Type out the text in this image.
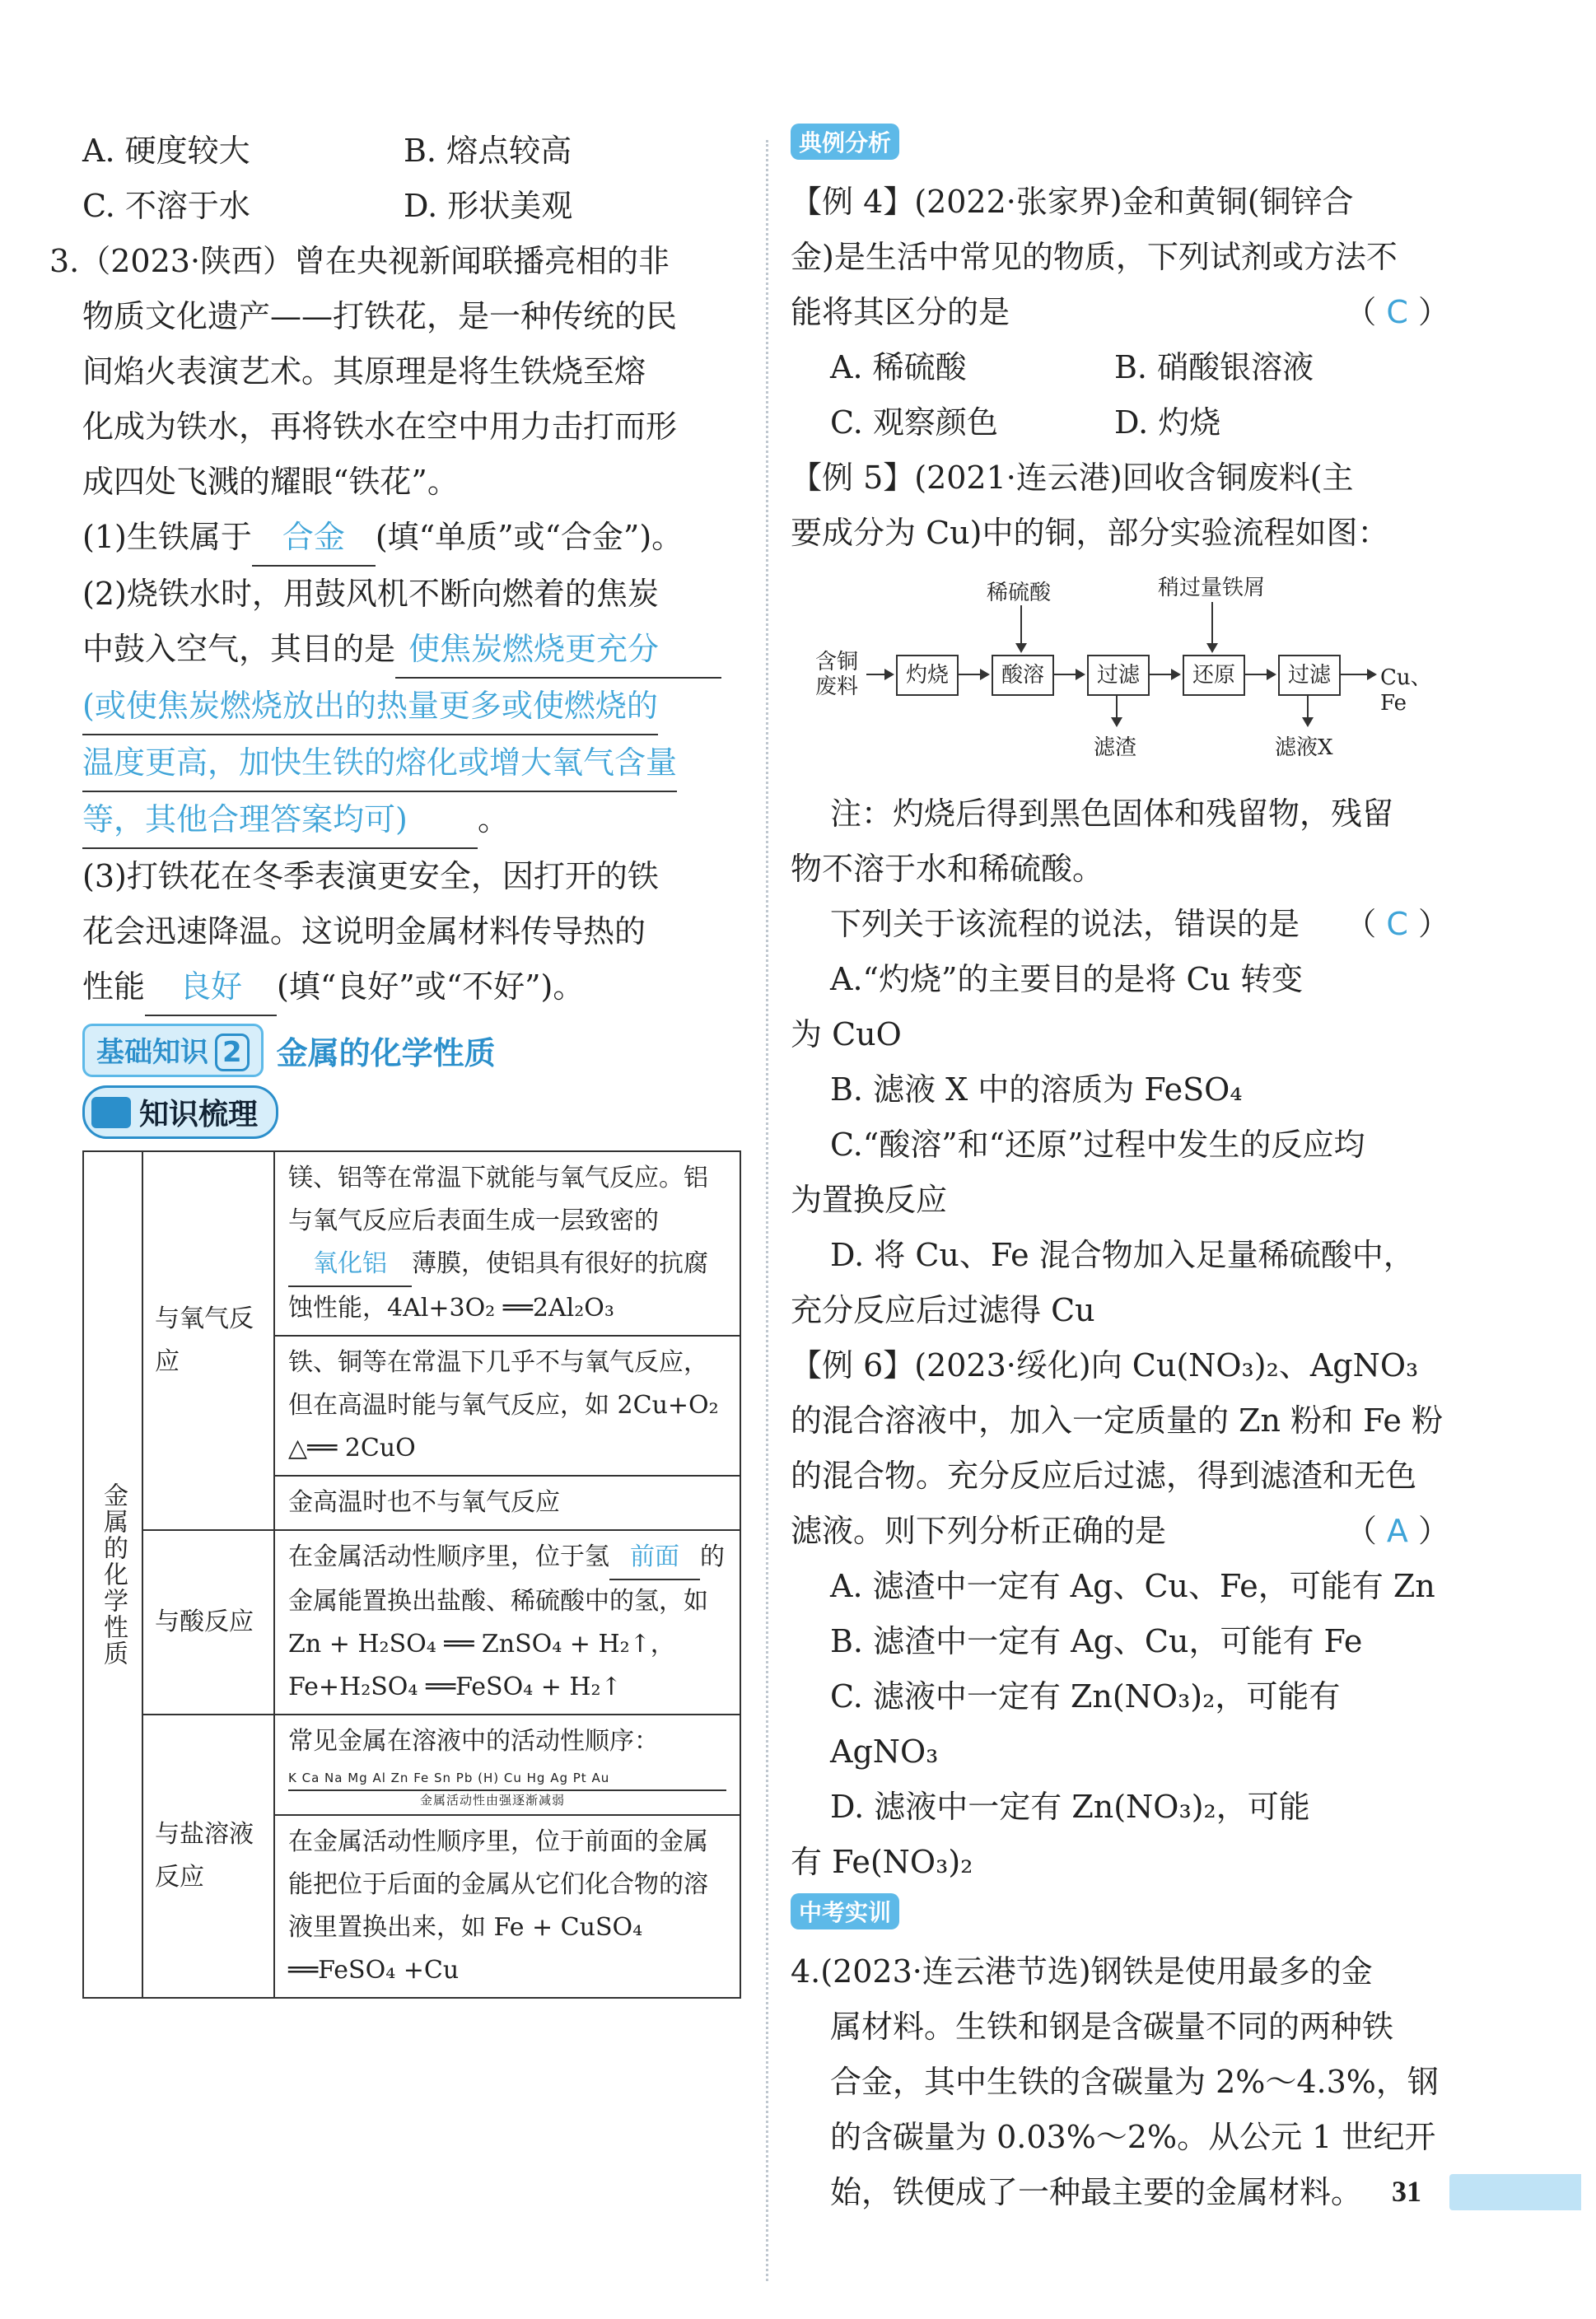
A. 硬度较大	B. 熔点较高
C. 不溶于水	D. 形状美观

3.（2023·陕西）曾在央视新闻联播亮相的非

物质文化遗产——打铁花，是一种传统的民

间焰火表演艺术。其原理是将生铁烧至熔

化成为铁水，再将铁水在空中用力击打而形

成四处飞溅的耀眼“铁花”。

(1)生铁属于 合金 (填“单质”或“合金”)。

(2)烧铁水时，用鼓风机不断向燃着的焦炭

中鼓入空气，其目的是 使焦炭燃烧更充分

(或使焦炭燃烧放出的热量更多或使燃烧的

温度更高，加快生铁的熔化或增大氧气含量

等，其他合理答案均可) 。

(3)打铁花在冬季表演更安全，因打开的铁

花会迅速降温。这说明金属材料传导热的

性能 良好 (填“良好”或“不好”)。

基础知识 2	金属的化学性质
知识梳理
金属的化学性质	与氧气反应	镁、铝等在常温下就能与氧气反应。铝与氧气反应后表面生成一层致密的氧化铝 薄膜，使铝具有很好的抗腐蚀性能，4Al+3O₂ ══2Al₂O₃
		铁、铜等在常温下几乎不与氧气反应，但在高温时能与氧气反应，如 2Cu+O₂ △══ 2CuO
		金高温时也不与氧气反应
	与酸反应	在金属活动性顺序里，位于氢 前面 的金属能置换出盐酸、稀硫酸中的氢，如 Zn + H₂SO₄ ══ ZnSO₄ + H₂↑，Fe+H₂SO₄ ══FeSO₄ + H₂↑
	与盐溶液反应	常见金属在溶液中的活动性顺序：
K Ca Na Mg Al Zn Fe Sn Pb (H) Cu Hg Ag Pt Au
金属活动性由强逐渐减弱

		在金属活动性顺序里，位于前面的金属能把位于后面的金属从它们化合物的溶液里置换出来，如 Fe + CuSO₄ ══FeSO₄ +Cu
典例分析

【例 4】(2022·张家界)金和黄铜(铜锌合

金)是生活中常见的物质，下列试剂或方法不

能将其区分的是	（ C ）

A. 稀硫酸	B. 硝酸银溶液
C. 观察颜色	D. 灼烧

【例 5】(2021·连云港)回收含铜废料(主

要成分为 Cu)中的铜，部分实验流程如图：

含铜废料	灼烧	酸溶	过滤	还原	过滤	Cu、Fe
稀硫酸	稍过量铁屑
滤渣	滤液X

注：灼烧后得到黑色固体和残留物，残留

物不溶于水和稀硫酸。

下列关于该流程的说法，错误的是 （ C ）

A.“灼烧”的主要目的是将 Cu 转变

为 CuO

B. 滤液 X 中的溶质为 FeSO₄

C.“酸溶”和“还原”过程中发生的反应均

为置换反应

D. 将 Cu、Fe 混合物加入足量稀硫酸中，

充分反应后过滤得 Cu

【例 6】(2023·绥化)向 Cu(NO₃)₂、AgNO₃

的混合溶液中，加入一定质量的 Zn 粉和 Fe 粉

的混合物。充分反应后过滤，得到滤渣和无色

滤液。则下列分析正确的是	（ A ）

A. 滤渣中一定有 Ag、Cu、Fe，可能有 Zn

B. 滤渣中一定有 Ag、Cu，可能有 Fe

C. 滤液中一定有 Zn(NO₃)₂，可能有 AgNO₃

D. 滤液中一定有 Zn(NO₃)₂，可能

有 Fe(NO₃)₂

中考实训

4.(2023·连云港节选)钢铁是使用最多的金

属材料。生铁和钢是含碳量不同的两种铁

合金，其中生铁的含碳量为 2%～4.3%，钢

的含碳量为 0.03%～2%。从公元 1 世纪开

始，铁便成了一种最主要的金属材料。 31
